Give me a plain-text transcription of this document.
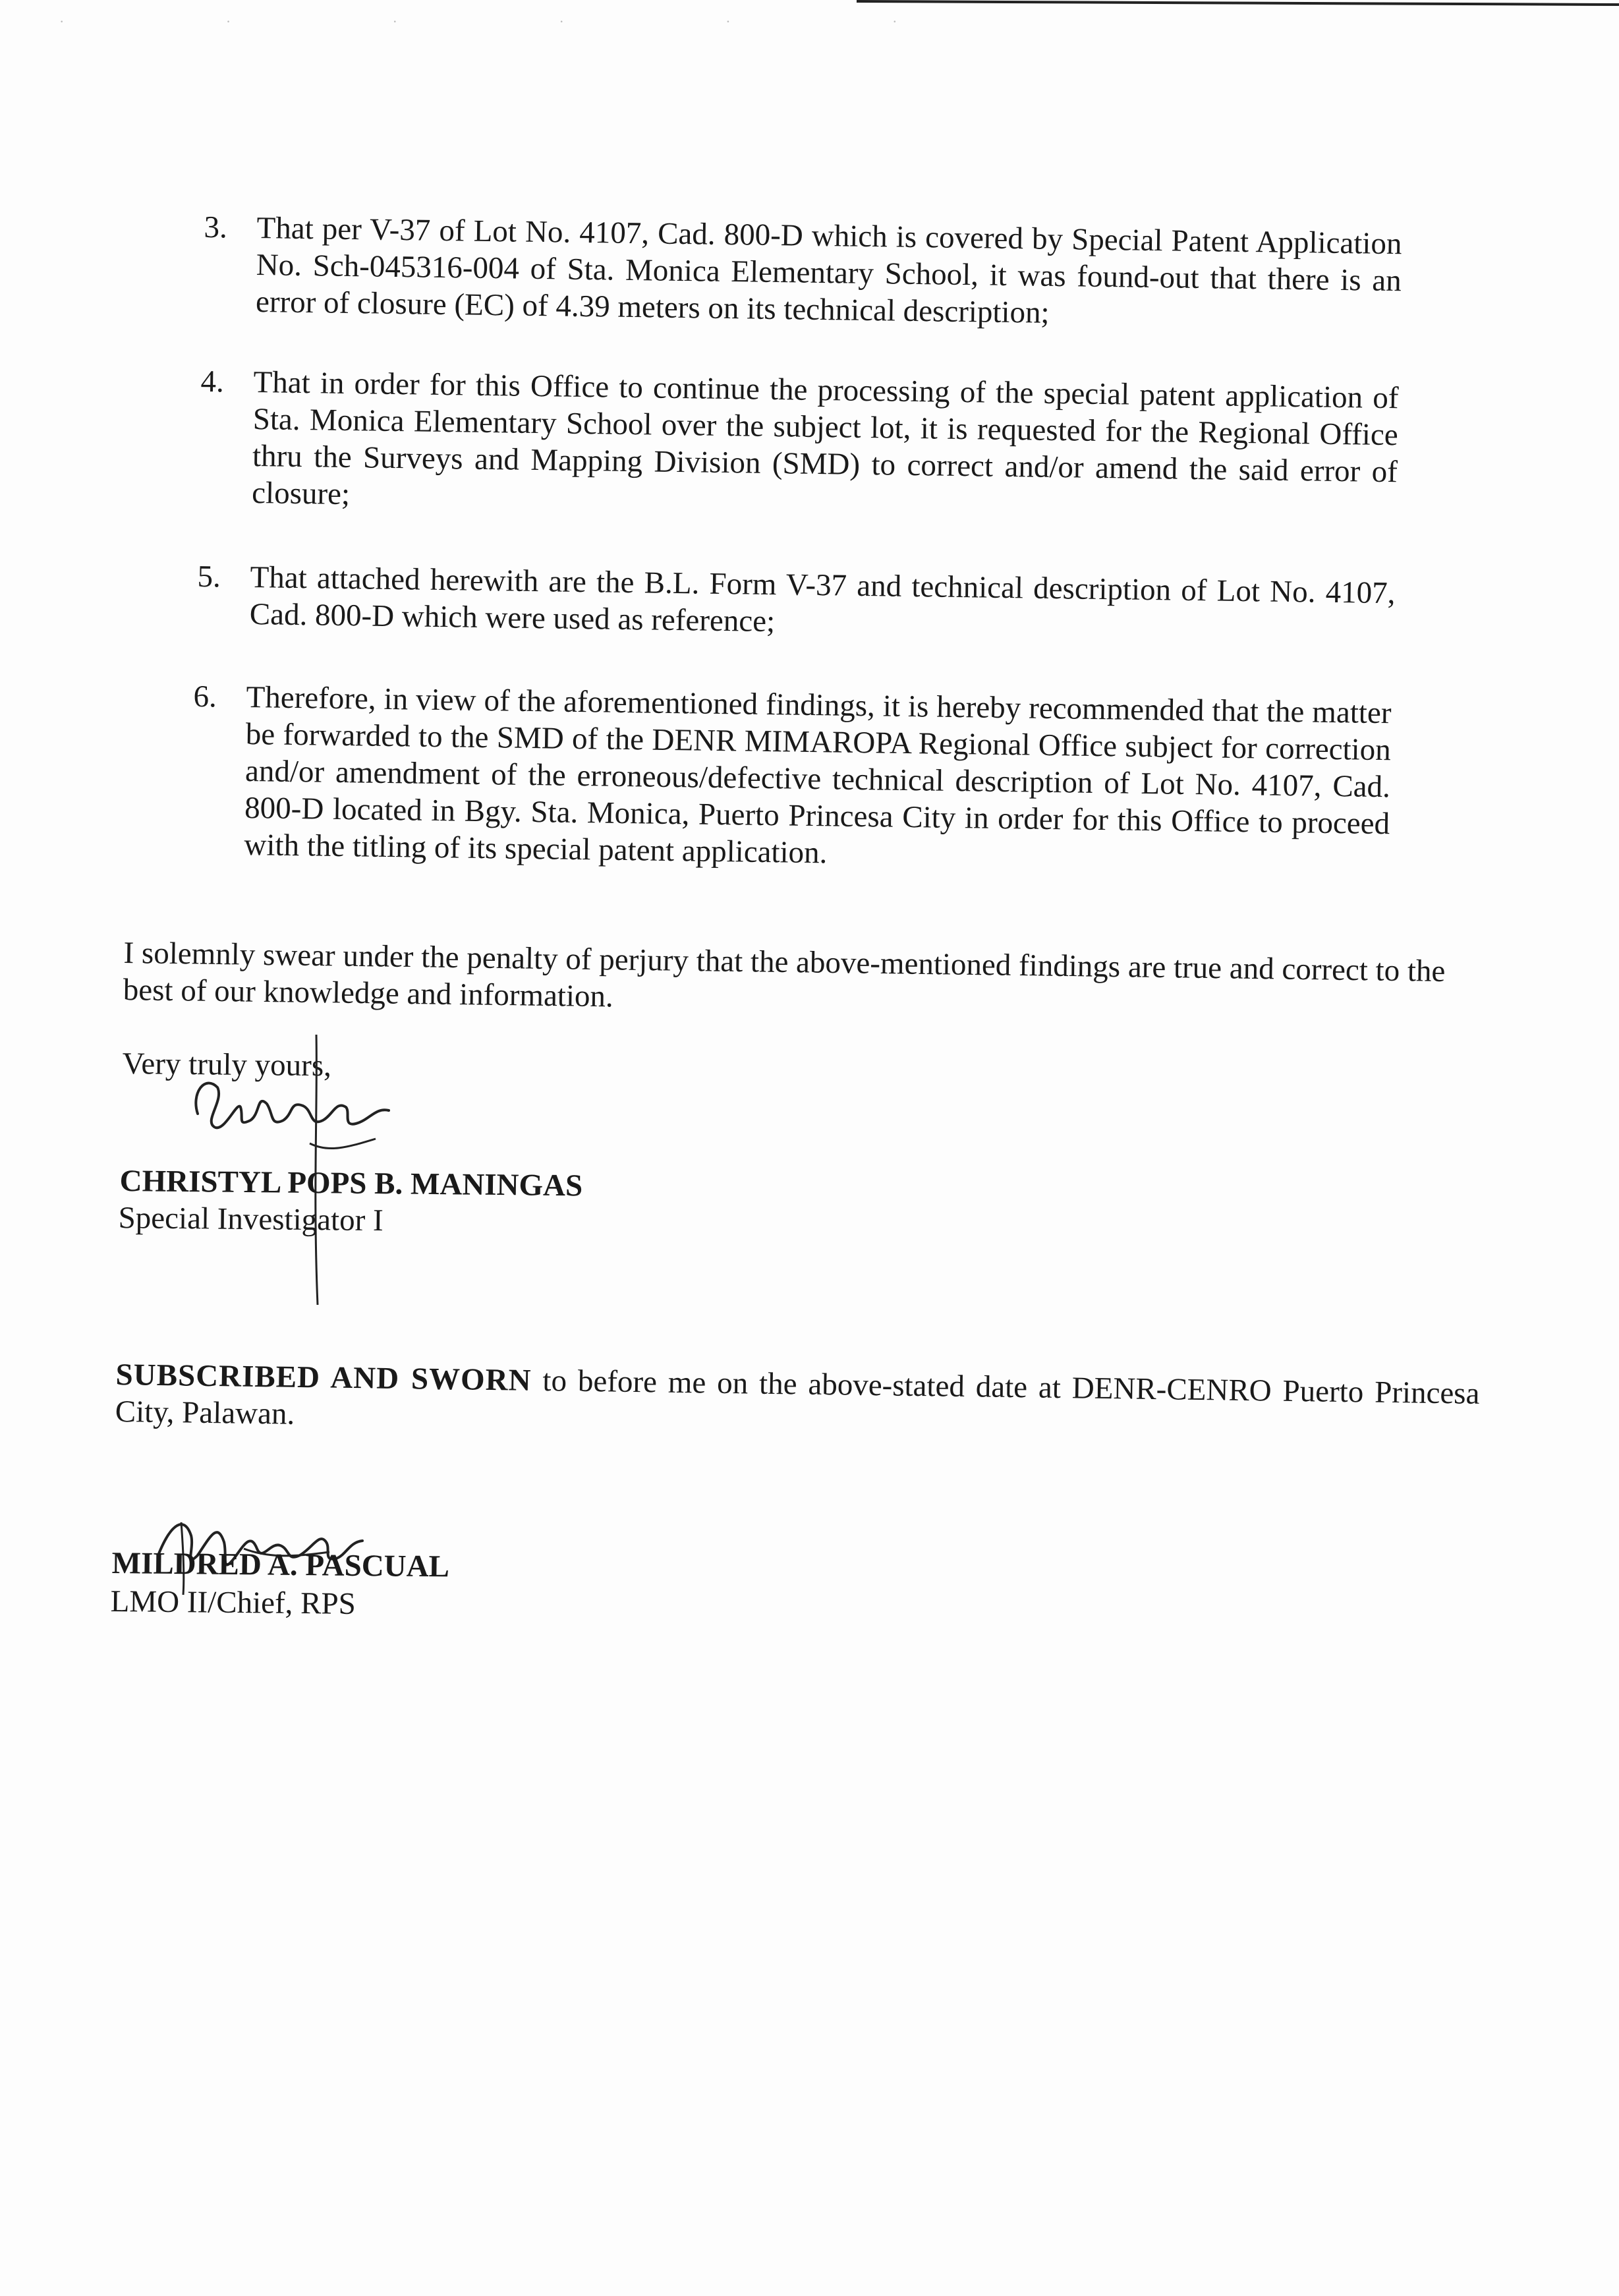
· · · · · ·
3. That per V-37 of Lot No. 4107, Cad. 800-D which is covered by Special Patent Application No. Sch-045316-004 of Sta. Monica Elementary School, it was found-out that there is an error of closure (EC) of 4.39 meters on its technical description;

4. That in order for this Office to continue the processing of the special patent application of Sta. Monica Elementary School over the subject lot, it is requested for the Regional Office thru the Surveys and Mapping Division (SMD) to correct and/or amend the said error of closure;

5. That attached herewith are the B.L. Form V-37 and technical description of Lot No. 4107, Cad. 800-D which were used as reference;

6. Therefore, in view of the aforementioned findings, it is hereby recommended that the matter be forwarded to the SMD of the DENR MIMAROPA Regional Office subject for correction and/or amendment of the erroneous/defective technical description of Lot No. 4107, Cad. 800-D located in Bgy. Sta. Monica, Puerto Princesa City in order for this Office to proceed with the titling of its special patent application.

I solemnly swear under the penalty of perjury that the above-mentioned findings are true and correct to the best of our knowledge and information.

Very truly yours,
CHRISTYL POPS B. MANINGAS
Special Investigator I

SUBSCRIBED AND SWORN to before me on the above-stated date at DENR-CENRO Puerto Princesa City, Palawan.

MILDRED A. PASCUAL
LMO II/Chief, RPS
